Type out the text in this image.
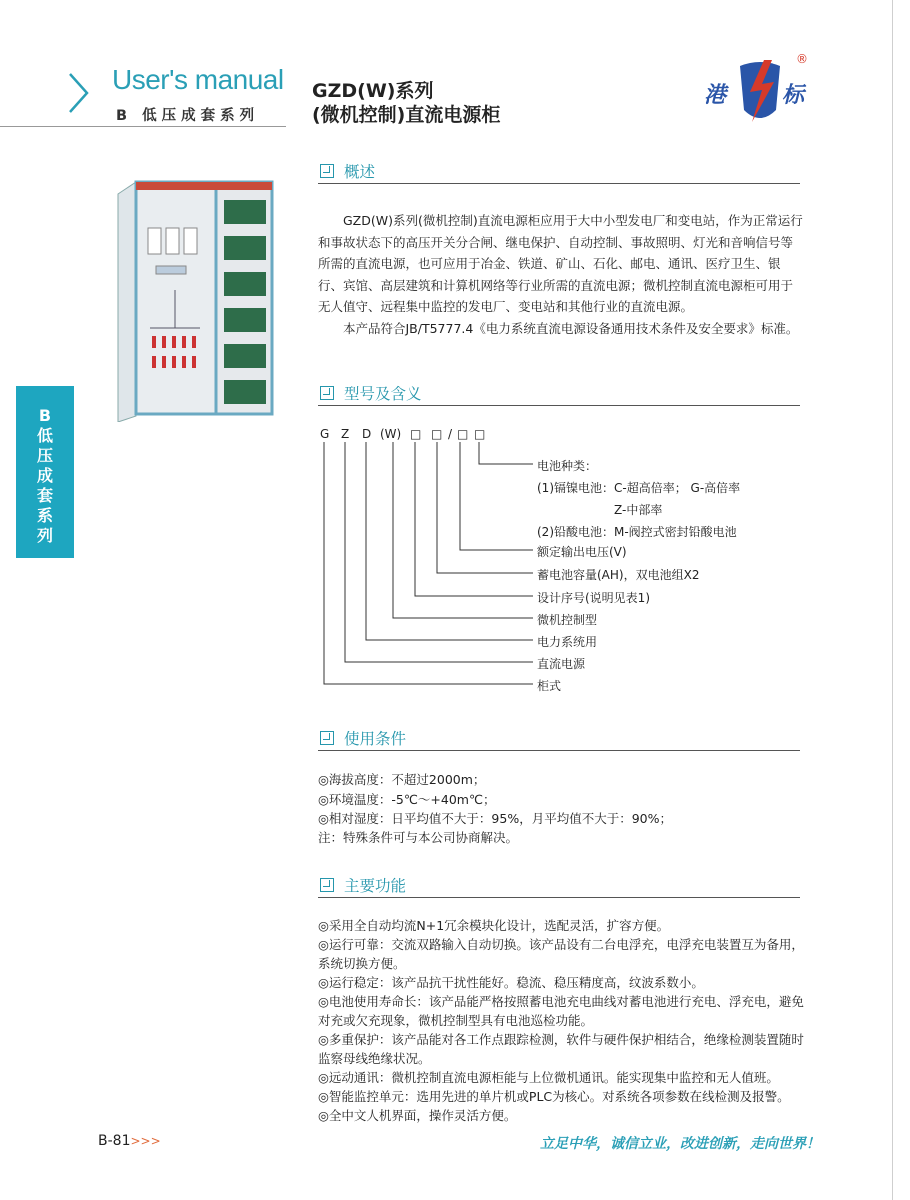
User's manual
B 低压成套系列
GZD(W)系列
(微机控制)直流电源柜
港	标
®
B
低
压
成
套
系
列
概述
GZD(W)系列(微机控制)直流电源柜应用于大中小型发电厂和变电站，作为正常运行和事故状态下的高压开关分合闸、继电保护、自动控制、事故照明、灯光和音响信号等所需的直流电源，也可应用于冶金、铁道、矿山、石化、邮电、通讯、医疗卫生、银行、宾馆、高层建筑和计算机网络等行业所需的直流电源；微机控制直流电源柜可用于无人值守、远程集中监控的发电厂、变电站和其他行业的直流电源。
本产品符合JB/T5777.4《电力系统直流电源设备通用技术条件及安全要求》标准。
型号及含义
G Z D (W) □ □ / □ □
电池种类：
(1)镉镍电池：C-超高倍率； G-高倍率
Z-中部率
(2)铅酸电池：M-阀控式密封铅酸电池
额定输出电压(V)
蓄电池容量(AH)，双电池组X2
设计序号(说明见表1)
微机控制型
电力系统用
直流电源
柜式
使用条件
◎海拔高度：不超过2000m；
◎环境温度：-5℃～+40m℃；
◎相对湿度：日平均值不大于：95%，月平均值不大于：90%；
注：特殊条件可与本公司协商解决。
主要功能
◎采用全自动均流N+1冗余模块化设计，选配灵活，扩容方便。
◎运行可靠：交流双路输入自动切换。该产品设有二台电浮充，电浮充电装置互为备用，系统切换方便。
◎运行稳定：该产品抗干扰性能好。稳流、稳压精度高，纹波系数小。
◎电池使用寿命长：该产品能严格按照蓄电池充电曲线对蓄电池进行充电、浮充电，避免对充或欠充现象，微机控制型具有电池巡检功能。
◎多重保护：该产品能对各工作点跟踪检测，软件与硬件保护相结合，绝缘检测装置随时监察母线绝缘状况。
◎远动通讯：微机控制直流电源柜能与上位微机通讯。能实现集中监控和无人值班。
◎智能监控单元：选用先进的单片机或PLC为核心。对系统各项参数在线检测及报警。
◎全中文人机界面，操作灵活方便。
B-81>>>	立足中华，诚信立业，改进创新，走向世界！
